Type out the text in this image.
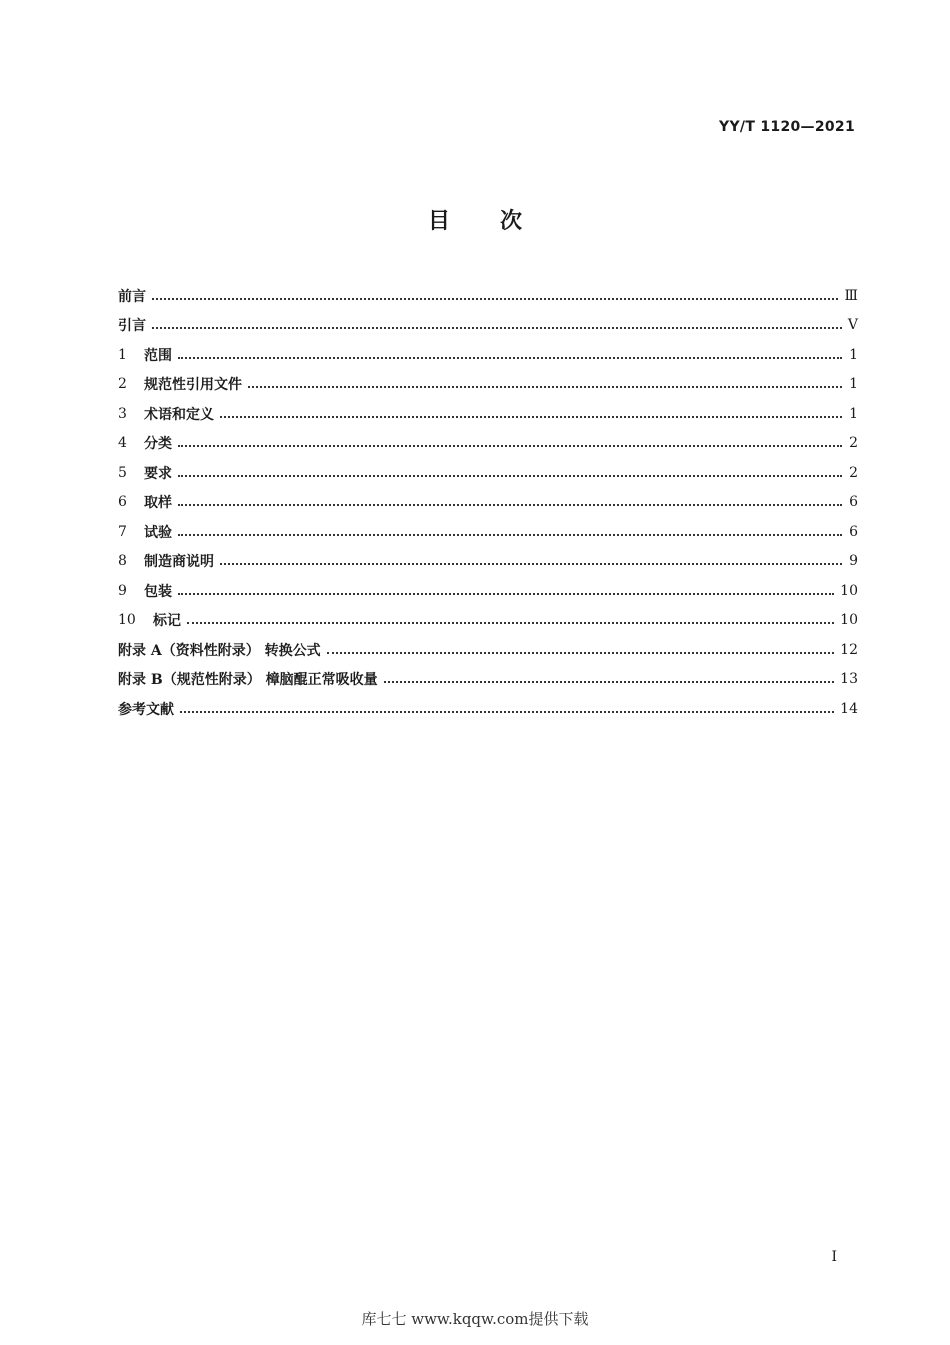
YY/T 1120—2021
目次
前言	Ⅲ
引言	Ⅴ
1	范围	1
2	规范性引用文件	1
3	术语和定义	1
4	分类	2
5	要求	2
6	取样	6
7	试验	6
8	制造商说明	9
9	包装	10
10	标记	10
附录 A（资料性附录） 转换公式	12
附录 B（规范性附录） 樟脑醌正常吸收量	13
参考文献	14
I
库七七 www.kqqw.com提供下载
